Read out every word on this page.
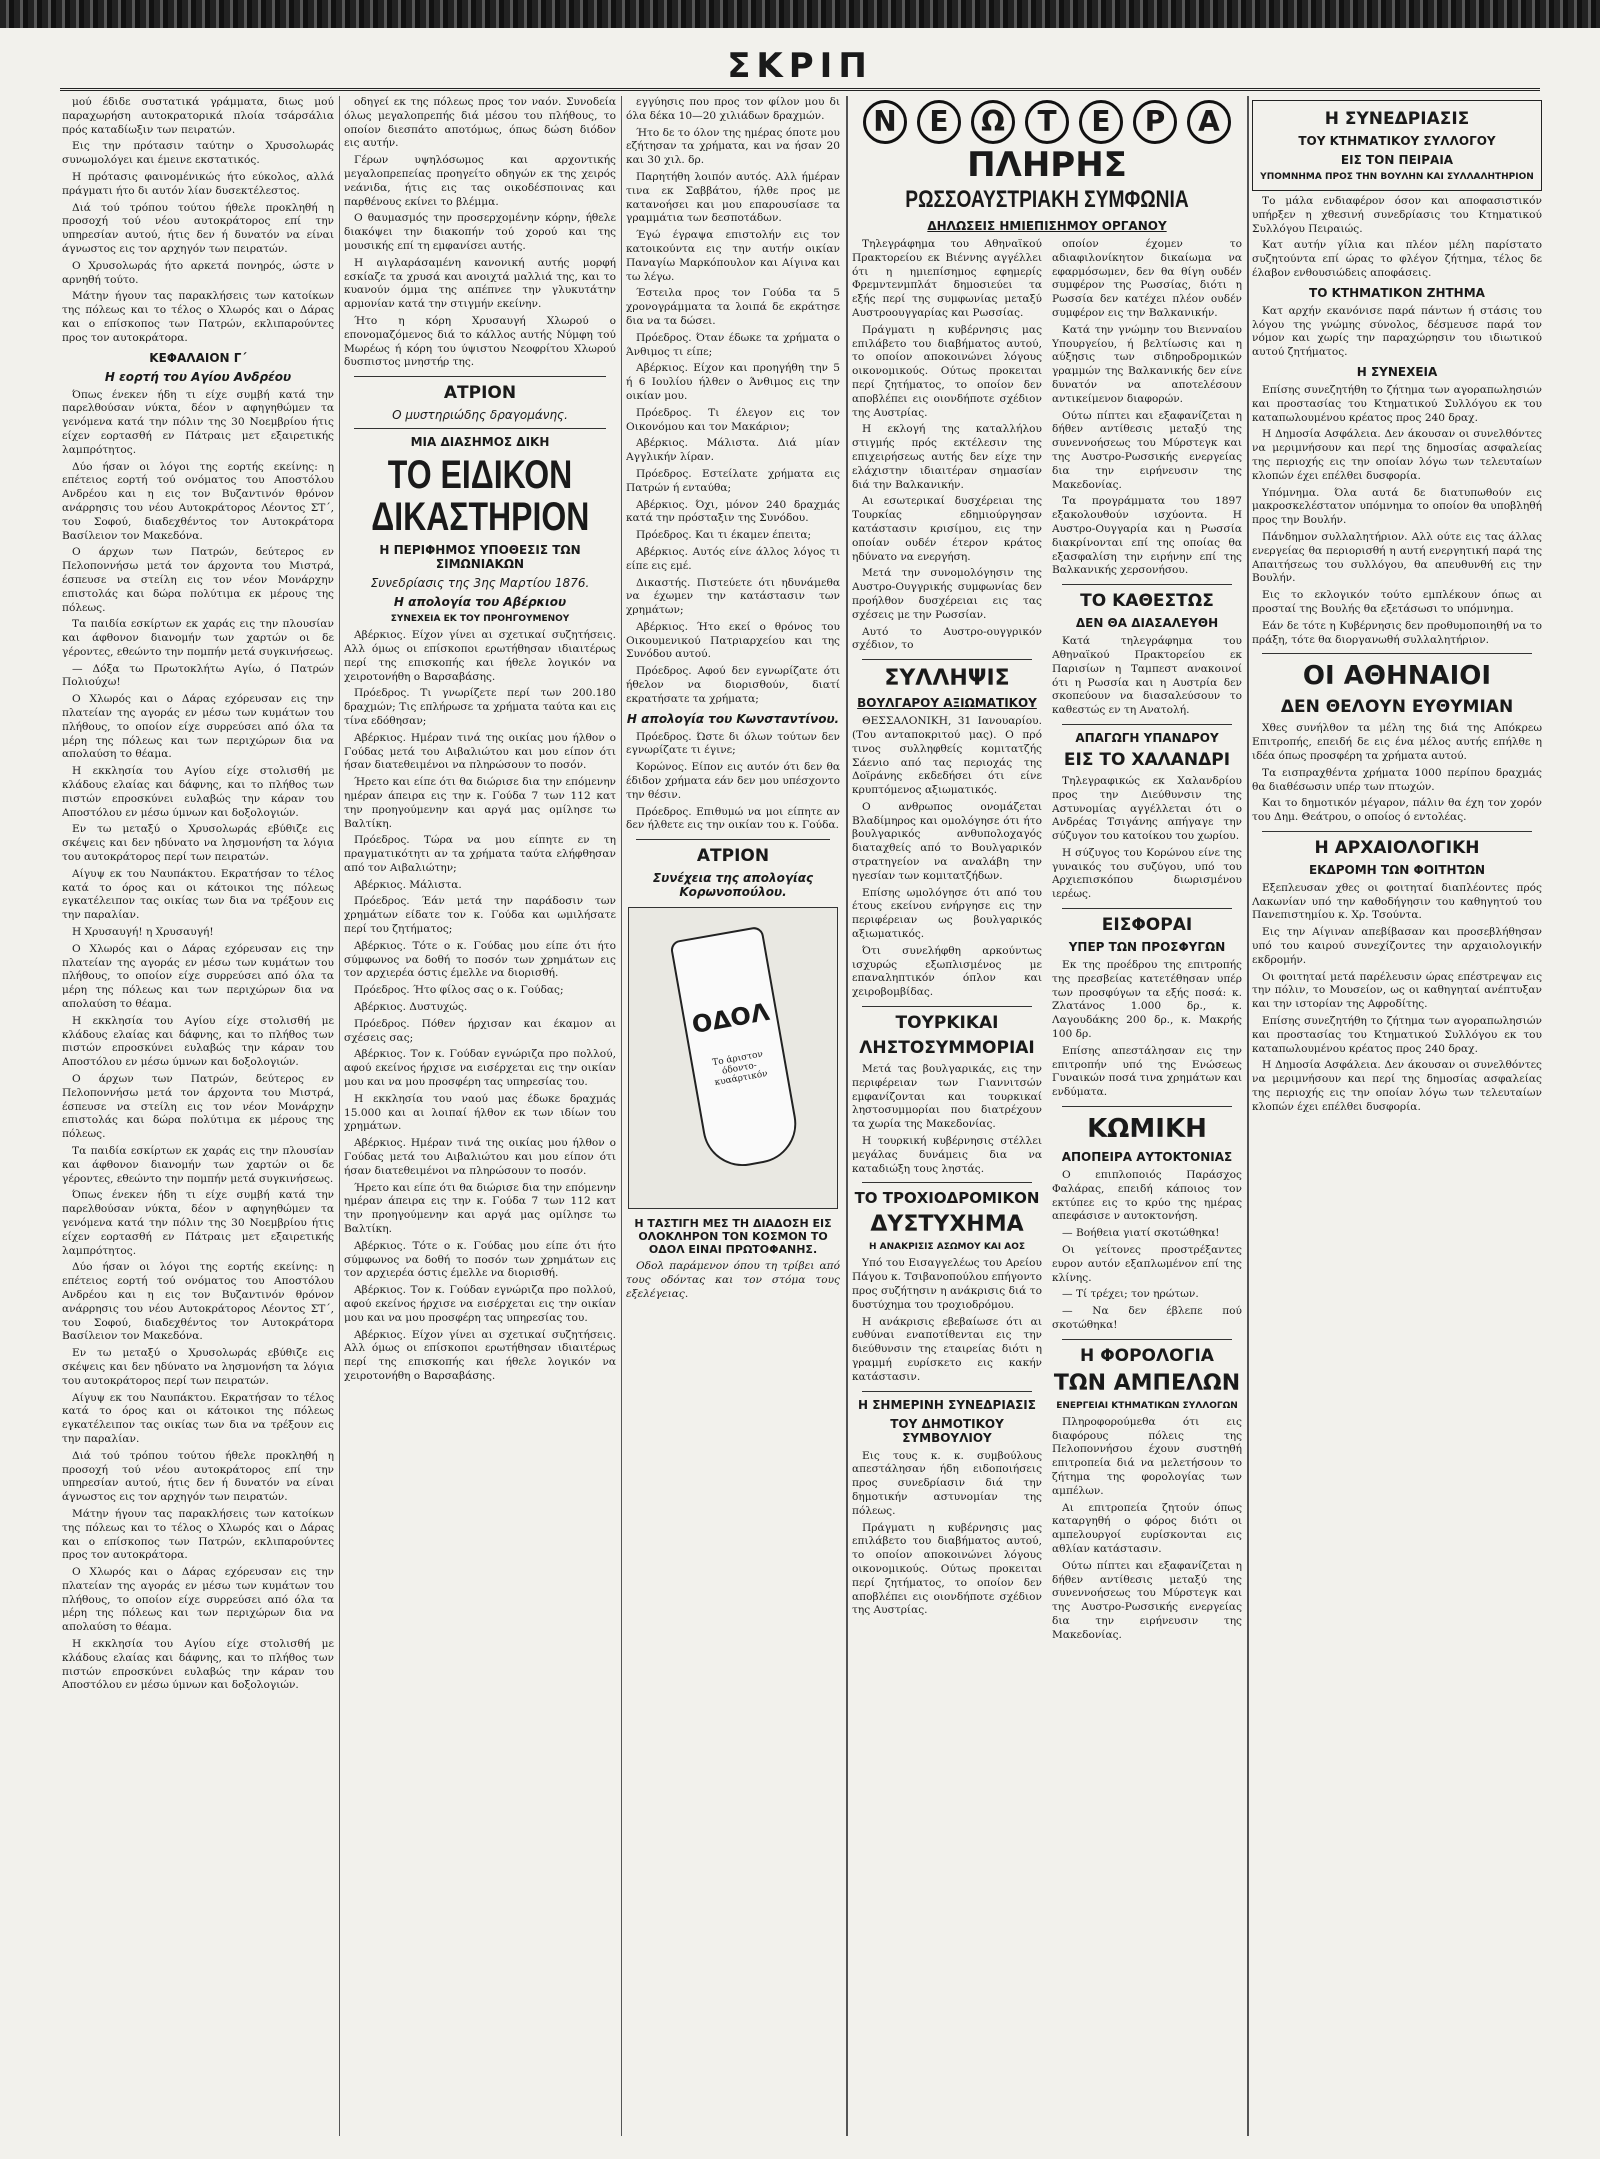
ΣΚΡΙΠ

μού έδιδε συστατικά γράμματα, διως μού παραχωρήση αυτοκρατορικά πλοία τσάρσάλια πρός καταδίωξιν των πειρατών.

Εις την πρότασιν ταύτην ο Χρυσολωράς συνωμολόγει και έμεινε εκστατικός.

Η πρότασις φαινομένικώς ήτο εύκολος, αλλά πράγματι ήτο δι αυτόν λίαν δυσεκτέλεστος.

Διά τού τρόπου τούτου ήθελε προκληθή η προσοχή τού νέου αυτοκράτορος επί την υπηρεσίαν αυτού, ήτις δεν ή δυνατόν να είναι άγνωστος εις τον αρχηγόν των πειρατών.

Ο Χρυσολωράς ήτο αρκετά πονηρός, ώστε ν αρνηθή τούτο.

Μάτην ήγουν τας παρακλήσεις των κατοίκων της πόλεως και το τέλος ο Χλωρός και ο Δάρας και ο επίσκοπος των Πατρών, εκλιπαρούντες προς τον αυτοκράτορα.

ΚΕΦΑΛΑΙΟΝ Γ΄
Η εορτή του Αγίου Ανδρέου

Όπως ένεκεν ήδη τι είχε συμβή κατά την παρελθούσαν νύκτα, δέον ν αφηγηθώμεν τα γενόμενα κατά την πόλιν της 30 Νοεμβρίου ήτις είχεν εορτασθή εν Πάτραις μετ εξαιρετικής λαμπρότητος.

Δύο ήσαν οι λόγοι της εορτής εκείνης: η επέτειος εορτή τού ονόματος του Αποστόλου Ανδρέου και η εις τον Βυζαντινόν θρόνον ανάρρησις του νέου Αυτοκράτορος Λέοντος ΣΤ΄, του Σοφού, διαδεχθέντος τον Αυτοκράτορα Βασίλειον τον Μακεδόνα.

Ο άρχων των Πατρών, δεύτερος εν Πελοποννήσω μετά τον άρχοντα του Μιστρά, έσπευσε να στείλη εις τον νέον Μονάρχην επιστολάς και δώρα πολύτιμα εκ μέρους της πόλεως.

Τα παιδία εσκίρτων εκ χαράς εις την πλουσίαν και άφθονον διανομήν των χαρτών οι δε γέροντες, εθεώντο την πομπήν μετά συγκινήσεως.

— Δόξα τω Πρωτοκλήτω Αγίω, ό Πατρών Πολιούχω!

Ο Χλωρός και ο Δάρας εχόρευσαν εις την πλατείαν της αγοράς εν μέσω των κυμάτων του πλήθους, το οποίον είχε συρρεύσει από όλα τα μέρη της πόλεως και των περιχώρων δια να απολαύση το θέαμα.

Η εκκλησία του Αγίου είχε στολισθή με κλάδους ελαίας και δάφνης, και το πλήθος των πιστών επροσκύνει ευλαβώς την κάραν του Αποστόλου εν μέσω ύμνων και δοξολογιών.

Εν τω μεταξύ ο Χρυσολωράς εβύθιζε εις σκέψεις και δεν ηδύνατο να λησμονήση τα λόγια του αυτοκράτορος περί των πειρατών.

Αίγυψ εκ του Ναυπάκτου. Εκρατήσαν το τέλος κατά το όρος και οι κάτοικοι της πόλεως εγκατέλειπον τας οικίας των δια να τρέξουν εις την παραλίαν.

Η Χρυσαυγή! η Χρυσαυγή!

Ο Χλωρός και ο Δάρας εχόρευσαν εις την πλατείαν της αγοράς εν μέσω των κυμάτων του πλήθους, το οποίον είχε συρρεύσει από όλα τα μέρη της πόλεως και των περιχώρων δια να απολαύση το θέαμα.

Η εκκλησία του Αγίου είχε στολισθή με κλάδους ελαίας και δάφνης, και το πλήθος των πιστών επροσκύνει ευλαβώς την κάραν του Αποστόλου εν μέσω ύμνων και δοξολογιών.

Ο άρχων των Πατρών, δεύτερος εν Πελοποννήσω μετά τον άρχοντα του Μιστρά, έσπευσε να στείλη εις τον νέον Μονάρχην επιστολάς και δώρα πολύτιμα εκ μέρους της πόλεως.

Τα παιδία εσκίρτων εκ χαράς εις την πλουσίαν και άφθονον διανομήν των χαρτών οι δε γέροντες, εθεώντο την πομπήν μετά συγκινήσεως.

Όπως ένεκεν ήδη τι είχε συμβή κατά την παρελθούσαν νύκτα, δέον ν αφηγηθώμεν τα γενόμενα κατά την πόλιν της 30 Νοεμβρίου ήτις είχεν εορτασθή εν Πάτραις μετ εξαιρετικής λαμπρότητος.

Δύο ήσαν οι λόγοι της εορτής εκείνης: η επέτειος εορτή τού ονόματος του Αποστόλου Ανδρέου και η εις τον Βυζαντινόν θρόνον ανάρρησις του νέου Αυτοκράτορος Λέοντος ΣΤ΄, του Σοφού, διαδεχθέντος τον Αυτοκράτορα Βασίλειον τον Μακεδόνα.

Εν τω μεταξύ ο Χρυσολωράς εβύθιζε εις σκέψεις και δεν ηδύνατο να λησμονήση τα λόγια του αυτοκράτορος περί των πειρατών.

Αίγυψ εκ του Ναυπάκτου. Εκρατήσαν το τέλος κατά το όρος και οι κάτοικοι της πόλεως εγκατέλειπον τας οικίας των δια να τρέξουν εις την παραλίαν.

Διά τού τρόπου τούτου ήθελε προκληθή η προσοχή τού νέου αυτοκράτορος επί την υπηρεσίαν αυτού, ήτις δεν ή δυνατόν να είναι άγνωστος εις τον αρχηγόν των πειρατών.

Μάτην ήγουν τας παρακλήσεις των κατοίκων της πόλεως και το τέλος ο Χλωρός και ο Δάρας και ο επίσκοπος των Πατρών, εκλιπαρούντες προς τον αυτοκράτορα.

Ο Χλωρός και ο Δάρας εχόρευσαν εις την πλατείαν της αγοράς εν μέσω των κυμάτων του πλήθους, το οποίον είχε συρρεύσει από όλα τα μέρη της πόλεως και των περιχώρων δια να απολαύση το θέαμα.

Η εκκλησία του Αγίου είχε στολισθή με κλάδους ελαίας και δάφνης, και το πλήθος των πιστών επροσκύνει ευλαβώς την κάραν του Αποστόλου εν μέσω ύμνων και δοξολογιών.

οδηγεί εκ της πόλεως προς τον ναόν. Συνοδεία όλως μεγαλοπρεπής διά μέσου του πλήθους, το οποίον διεσπάτο αποτόμως, όπως δώση διόδον εις αυτήν.

Γέρων υψηλόσωμος και αρχοντικής μεγαλοπρεπείας προηγείτο οδηγών εκ της χειρός νεάνιδα, ήτις εις τας οικοδέσποινας και παρθένους εκίνει το βλέμμα.

Ο θαυμασμός την προσερχομένην κόρην, ήθελε διακόψει την διακοπήν τού χορού και της μουσικής επί τη εμφανίσει αυτής.

Η αιγλαράσαμένη κανονική αυτής μορφή εσκίαζε τα χρυσά και ανοιχτά μαλλιά της, και το κυανούν όμμα της απέπνεε την γλυκυτάτην αρμονίαν κατά την στιγμήν εκείνην.

Ήτο η κόρη Χρυσαυγή Χλωρού ο επονομαζόμενος διά το κάλλος αυτής Νύμφη τού Μωρέως ή κόρη του ύψιστου Νεοφρίτου Χλωρού δυσπιστος μνηστήρ της.

ΑΤΡΙΟΝ
Ο μυστηριώδης δραγομάνης.
ΜΙΑ ΔΙΑΣΗΜΟΣ ΔΙΚΗ
ΤΟ ΕΙΔΙΚΟΝ ΔΙΚΑΣΤΗΡΙΟΝ
Η ΠΕΡΙΦΗΜΟΣ ΥΠΟΘΕΣΙΣ ΤΩΝ ΣΙΜΩΝΙΑΚΩΝ
Συνεδρίασις της 3ης Μαρτίου 1876.
Η απολογία του Αβέρκιου
ΣΥΝΕΧΕΙΑ ΕΚ ΤΟΥ ΠΡΟΗΓΟΥΜΕΝΟΥ

Αβέρκιος. Είχον γίνει αι σχετικαί συζητήσεις. Αλλ όμως οι επίσκοποι ερωτήθησαν ιδιαιτέρως περί της επισκοπής και ήθελε λογικόν να χειροτονήθη ο Βαρσαβάσης.

Πρόεδρος. Τι γνωρίζετε περί των 200.180 δραχμών; Τις επλήρωσε τα χρήματα ταύτα και εις τίνα εδόθησαν;

Αβέρκιος. Ημέραν τινά της οικίας μου ήλθον ο Γούδας μετά του Αιβαλιώτου και μου είπον ότι ήσαν διατεθειμένοι να πληρώσουν το ποσόν.

Ήρετο και είπε ότι θα διώρισε δια την επόμενην ημέραν άπειρα εις την κ. Γούδα 7 των 112 κατ την προηγούμενην και αργά μας ομίλησε τω Βαλτίκη.

Πρόεδρος. Τώρα να μου είπητε εν τη πραγματικότητι αν τα χρήματα ταύτα ελήφθησαν από τον Αιβαλιώτην;

Αβέρκιος. Μάλιστα.

Πρόεδρος. Έάν μετά την παράδοσιν των χρημάτων είδατε τον κ. Γούδα και ωμιλήσατε περί του ζητήματος;

Αβέρκιος. Τότε ο κ. Γούδας μου είπε ότι ήτο σύμφωνος να δοθή το ποσόν των χρημάτων εις τον αρχιερέα όστις έμελλε να διορισθή.

Πρόεδρος. Ήτο φίλος σας ο κ. Γούδας;

Αβέρκιος. Δυστυχώς.

Πρόεδρος. Πόθεν ήρχισαν και έκαμον αι σχέσεις σας;

Αβέρκιος. Τον κ. Γούδαν εγνώριζα προ πολλού, αφού εκείνος ήρχισε να εισέρχεται εις την οικίαν μου και να μου προσφέρη τας υπηρεσίας του.

Η εκκλησία του ναού μας έδωκε δραχμάς 15.000 και αι λοιπαί ήλθον εκ των ιδίων του χρημάτων.

Αβέρκιος. Ημέραν τινά της οικίας μου ήλθον ο Γούδας μετά του Αιβαλιώτου και μου είπον ότι ήσαν διατεθειμένοι να πληρώσουν το ποσόν.

Ήρετο και είπε ότι θα διώρισε δια την επόμενην ημέραν άπειρα εις την κ. Γούδα 7 των 112 κατ την προηγούμενην και αργά μας ομίλησε τω Βαλτίκη.

Αβέρκιος. Τότε ο κ. Γούδας μου είπε ότι ήτο σύμφωνος να δοθή το ποσόν των χρημάτων εις τον αρχιερέα όστις έμελλε να διορισθή.

Αβέρκιος. Τον κ. Γούδαν εγνώριζα προ πολλού, αφού εκείνος ήρχισε να εισέρχεται εις την οικίαν μου και να μου προσφέρη τας υπηρεσίας του.

Αβέρκιος. Είχον γίνει αι σχετικαί συζητήσεις. Αλλ όμως οι επίσκοποι ερωτήθησαν ιδιαιτέρως περί της επισκοπής και ήθελε λογικόν να χειροτονήθη ο Βαρσαβάσης.

εγγύησις που προς τον φίλον μου δι όλα δέκα 10—20 χιλιάδων δραχμών.

Ήτο δε το όλον της ημέρας όποτε μου εζήτησαν τα χρήματα, και να ήσαν 20 και 30 χιλ. δρ.

Παρητήθη λοιπόν αυτός. Αλλ ήμέραν τινα εκ Σαββάτου, ήλθε προς με κατανοήσει και μου επαρουσίασε τα γραμμάτια των δεσποτάδων.

Έγώ έγραψα επιστολήν εις τον κατοικούντα εις την αυτήν οικίαν Παναγίω Μαρκόπουλον και Αίγινα και τω λέγω.

Έστειλα προς τον Γούδα τα 5 χρονογράμματα τα λοιπά δε εκράτησε δια να τα δώσει.

Πρόεδρος. Όταν έδωκε τα χρήματα ο Άνθιμος τι είπε;

Αβέρκιος. Είχον και προηγήθη την 5 ή 6 Ιουλίου ήλθεν ο Άνθιμος εις την οικίαν μου.

Πρόεδρος. Τι έλεγον εις τον Οικονόμου και τον Μακάριον;

Αβέρκιος. Μάλιστα. Διά μίαν Αγγλικήν λίραν.

Πρόεδρος. Εστείλατε χρήματα εις Πατρών ή ενταύθα;

Αβέρκιος. Όχι, μόνον 240 δραχμάς κατά την πρόσταξιν της Συνόδου.

Πρόεδρος. Και τι έκαμεν έπειτα;

Αβέρκιος. Αυτός είνε άλλος λόγος τι είπε εις εμέ.

Δικαστής. Πιστεύετε ότι ηδυνάμεθα να έχωμεν την κατάστασιν των χρημάτων;

Αβέρκιος. Ήτο εκεί ο θρόνος του Οικουμενικού Πατριαρχείου και της Συνόδου αυτού.

Πρόεδρος. Αφού δεν εγνωρίζατε ότι ήθελον να διορισθούν, διατί εκρατήσατε τα χρήματα;

Η απολογία του Κωνσταντίνου.

Πρόεδρος. Ώστε δι όλων τούτων δεν εγνωρίζατε τι έγινε;

Κορώνος. Είπον εις αυτόν ότι δεν θα έδιδον χρήματα εάν δεν μου υπέσχοντο την θέσιν.

Πρόεδρος. Επιθυμώ να μοι είπητε αν δεν ήλθετε εις την οικίαν του κ. Γούδα.

ΑΤΡΙΟΝ
Συνέχεια της απολογίας Κορωνοπούλου.
ΟΔΟΛ
Το άριστον όδοντο-κυαάρτικόν
Η ΤΑΣΤΙΓΗ ΜΕΣ ΤΗ ΔΙΑΔΟΣΗ ΕΙΣ ΟΛΟΚΛΗΡΟΝ ΤΟΝ ΚΟΣΜΟΝ ΤΟ ΟΔΟΛ ΕΙΝΑΙ ΠΡΩΤΟΦΑΝΗΣ.

Οδολ παράμενον όπου τη τρίβει από τους οδόντας και τον στόμα τους εξελέγειας.

Ν	Ε	Ω	Τ	Ε	Ρ	Α
ΠΛΗΡΗΣ
ΡΩΣΣΟΑΥΣΤΡΙΑΚΗ ΣΥΜΦΩΝΙΑ
ΔΗΛΩΣΕΙΣ ΗΜΙΕΠΙΣΗΜΟΥ ΟΡΓΑΝΟΥ

Τηλεγράφημα του Αθηναϊκού Πρακτορείου εκ Βιέννης αγγέλλει ότι η ημιεπίσημος εφημερίς Φρεμντενμπλάτ δημοσιεύει τα εξής περί της συμφωνίας μεταξύ Αυστροουγγαρίας και Ρωσσίας.

Πράγματι η κυβέρνησις μας επιλάβετο του διαβήματος αυτού, το οποίον αποκοινώνει λόγους οικονομικούς. Ούτως προκειται περί ζητήματος, το οποίον δεν αποβλέπει εις οιονδήποτε σχέδιον της Αυστρίας.

Η εκλογή της καταλλήλου στιγμής πρός εκτέλεσιν της επιχειρήσεως αυτής δεν είχε την ελάχιστην ιδιαιτέραν σημασίαν διά την Βαλκανικήν.

Αι εσωτερικαί δυσχέρειαι της Τουρκίας εδημιούργησαν κατάστασιν κρισίμου, εις την οποίαν ουδέν έτερον κράτος ηδύνατο να ενεργήση.

Μετά την συνομολόγησιν της Αυστρο-Ουγγρικής συμφωνίας δεν προήλθον δυσχέρειαι εις τας σχέσεις με την Ρωσσίαν.

Αυτό το Αυστρο-ουγγρικόν σχέδιον, το

ΣΥΛΛΗΨΙΣ
ΒΟΥΛΓΑΡΟΥ ΑΞΙΩΜΑΤΙΚΟΥ

ΘΕΣΣΑΛΟΝΙΚΗ, 31 Ιανουαρίου. (Του ανταποκριτού μας). Ο πρό τινος συλληφθείς κομιτατζής Σάενιο από τας περιοχάς της Δοϊράνης εκδεδήσει ότι είνε κρυπτόμενος αξιωματικός.

Ο ανθρωπος ονομάζεται Βλαδίμηρος και ομολόγησε ότι ήτο βουλγαρικός ανθυπολοχαγός διαταχθείς από το Βουλγαρικόν στρατηγείον να αναλάβη την ηγεσίαν των κομιτατζήδων.

Επίσης ωμολόγησε ότι από του έτους εκείνου ενήργησε εις την περιφέρειαν ως βουλγαρικός αξιωματικός.

Ότι συνελήφθη αρκούντως ισχυρώς εξωπλισμένος με επαναληπτικόν όπλον και χειροβομβίδας.

ΤΟΥΡΚΙΚΑΙ
ΛΗΣΤΟΣΥΜΜΟΡΙΑΙ

Μετά τας βουλγαρικάς, εις την περιφέρειαν των Γιαννιτσών εμφανίζονται και τουρκικαί ληστοσυμμορίαι που διατρέχουν τα χωρία της Μακεδονίας.

Η τουρκική κυβέρνησις στέλλει μεγάλας δυνάμεις δια να καταδιώξη τους ληστάς.

ΤΟ ΤΡΟΧΙΟΔΡΟΜΙΚΟΝ
ΔΥΣΤΥΧΗΜΑ
Η ΑΝΑΚΡΙΣΙΣ ΑΣΩΜΟΥ ΚΑΙ ΑΟΣ

Υπό του Εισαγγελέως του Αρείου Πάγου κ. Τσιβανοπούλου επήγοντο προς συζήτησιν η ανάκρισις διά το δυστύχημα του τροχιοδρόμου.

Η ανάκρισις εβεβαίωσε ότι αι ευθύναι εναποτίθενται εις την διεύθυνσιν της εταιρείας διότι η γραμμή ευρίσκετο εις κακήν κατάστασιν.

Η ΣΗΜΕΡΙΝΗ ΣΥΝΕΔΡΙΑΣΙΣ
ΤΟΥ ΔΗΜΟΤΙΚΟΥ ΣΥΜΒΟΥΛΙΟΥ

Εις τους κ. κ. συμβούλους απεστάλησαν ήδη ειδοποιήσεις προς συνεδρίασιν διά την δημοτικήν αστυνομίαν της πόλεως.

Πράγματι η κυβέρνησις μας επιλάβετο του διαβήματος αυτού, το οποίον αποκοινώνει λόγους οικονομικούς. Ούτως προκειται περί ζητήματος, το οποίον δεν αποβλέπει εις οιονδήποτε σχέδιον της Αυστρίας.

οποίον έχομεν το αδιαφιλονίκητον δικαίωμα να εφαρμόσωμεν, δεν θα θίγη ουδέν συμφέρον της Ρωσσίας, διότι η Ρωσσία δεν κατέχει πλέον ουδέν συμφέρον εις την Βαλκανικήν.

Κατά την γνώμην του Βιενναίου Υπουργείου, ή βελτίωσις και η αύξησις των σιδηροδρομικών γραμμών της Βαλκανικής δεν είνε δυνατόν να αποτελέσουν αντικείμενον διαφορών.

Ούτω πίπτει και εξαφανίζεται η δήθεν αντίθεσις μεταξύ της συνεννοήσεως του Μύρστεγκ και της Αυστρο-Ρωσσικής ενεργείας δια την ειρήνευσιν της Μακεδονίας.

Τα προγράμματα του 1897 εξακολουθούν ισχύοντα. Η Αυστρο-Ουγγαρία και η Ρωσσία διακρίνονται επί της οποίας θα εξασφαλίση την ειρήνην επί της Βαλκανικής χερσονήσου.

ΤΟ ΚΑΘΕΣΤΩΣ
ΔΕΝ ΘΑ ΔΙΑΣΑΛΕΥΘΗ

Κατά τηλεγράφημα του Αθηναϊκού Πρακτορείου εκ Παρισίων η Ταμπεστ ανακοινοί ότι η Ρωσσία και η Αυστρία δεν σκοπεύουν να διασαλεύσουν το καθεστώς εν τη Ανατολή.

ΑΠΑΓΩΓΗ ΥΠΑΝΔΡΟΥ
ΕΙΣ ΤΟ ΧΑΛΑΝΔΡΙ

Τηλεγραφικώς εκ Χαλανδρίου προς την Διεύθυνσιν της Αστυνομίας αγγέλλεται ότι ο Ανδρέας Τσιγάνης απήγαγε την σύζυγον του κατοίκου του χωρίου.

Η σύζυγος του Κορώνου είνε της γυναικός του συζύγου, υπό του Αρχιεπισκόπου διωρισμένου ιερέως.

ΕΙΣΦΟΡΑΙ
ΥΠΕΡ ΤΩΝ ΠΡΟΣΦΥΓΩΝ

Εκ της προέδρου της επιτροπής της πρεσβείας κατετέθησαν υπέρ των προσφύγων τα εξής ποσά: κ. Ζλατάνος 1.000 δρ., κ. Λαγουδάκης 200 δρ., κ. Μακρής 100 δρ.

Επίσης απεστάλησαν εις την επιτροπήν υπό της Ενώσεως Γυναικών ποσά τινα χρημάτων και ενδύματα.

ΚΩΜΙΚΗ
ΑΠΟΠΕΙΡΑ ΑΥΤΟΚΤΟΝΙΑΣ

Ο επιπλοποιός Παράσχος Φαλάρας, επειδή κάποιος τον εκτύπεε εις το κρύο της ημέρας απεφάσισε ν αυτοκτονήση.

— Βοήθεια γιατί σκοτώθηκα!

Οι γείτονες προστρέξαντες ευρον αυτόν εξαπλωμένον επί της κλίνης.

— Τί τρέχει; τον ηρώτων.

— Να δεν έβλεπε πού σκοτώθηκα!

Η ΦΟΡΟΛΟΓΙΑ
ΤΩΝ ΑΜΠΕΛΩΝ
ΕΝΕΡΓΕΙΑΙ ΚΤΗΜΑΤΙΚΩΝ ΣΥΛΛΟΓΩΝ

Πληροφορούμεθα ότι εις διαφόρους πόλεις της Πελοποννήσου έχουν συστηθή επιτροπεία διά να μελετήσουν το ζήτημα της φορολογίας των αμπέλων.

Αι επιτροπεία ζητούν όπως καταργηθή ο φόρος διότι οι αμπελουργοί ευρίσκονται εις αθλίαν κατάστασιν.

Ούτω πίπτει και εξαφανίζεται η δήθεν αντίθεσις μεταξύ της συνεννοήσεως του Μύρστεγκ και της Αυστρο-Ρωσσικής ενεργείας δια την ειρήνευσιν της Μακεδονίας.

Η ΣΥΝΕΔΡΙΑΣΙΣ
ΤΟΥ ΚΤΗΜΑΤΙΚΟΥ ΣΥΛΛΟΓΟΥ
ΕΙΣ ΤΟΝ ΠΕΙΡΑΙΑ
ΥΠΟΜΝΗΜΑ ΠΡΟΣ ΤΗΝ ΒΟΥΛΗΝ ΚΑΙ ΣΥΛΛΑΛΗΤΗΡΙΟΝ

Το μάλα ενδιαφέρον όσον και αποφασιστικόν υπήρξεν η χθεσινή συνεδρίασις του Κτηματικού Συλλόγου Πειραιώς.

Κατ αυτήν γίλια και πλέον μέλη παρίστατο συζητούντα επί ώρας το φλέγον ζήτημα, τέλος δε έλαβον ενθουσιώδεις αποφάσεις.

ΤΟ ΚΤΗΜΑΤΙΚΟΝ ΖΗΤΗΜΑ

Κατ αρχήν εκανόνισε παρά πάντων ή στάσις του λόγου της γνώμης σύνολος, δέσμευσε παρά τον νόμον και χωρίς την παραχώρησιν του ιδιωτικού αυτού ζητήματος.

Η ΣΥΝΕΧΕΙΑ

Επίσης συνεζητήθη το ζήτημα των αγοραπωλησιών και προστασίας του Κτηματικού Συλλόγου εκ του καταπωλουμένου κρέατος προς 240 δραχ.

Η Δημοσία Ασφάλεια. Δεν άκουσαν οι συνελθόντες να μεριμνήσουν και περί της δημοσίας ασφαλείας της περιοχής εις την οποίαν λόγω των τελευταίων κλοπών έχει επέλθει δυσφορία.

Υπόμνημα. Όλα αυτά δε διατυπωθούν εις μακροσκελέστατον υπόμνημα το οποίον θα υποβληθή προς την Βουλήν.

Πάνδημον συλλαλητήριον. Αλλ ούτε εις τας άλλας ενεργείας θα περιορισθή η αυτή ενεργητική παρά της Απαιτήσεως του συλλόγου, θα απευθυνθή εις την Βουλήν.

Εις το εκλογικόν τούτο εμπλέκουν όπως αι προσταί της Βουλής θα εξετάσωσι το υπόμνημα.

Εάν δε τότε η Κυβέρνησις δεν προθυμοποιηθή να το πράξη, τότε θα διοργανωθή συλλαλητήριον.

ΟΙ ΑΘΗΝΑΙΟΙ
ΔΕΝ ΘΕΛΟΥΝ ΕΥΘΥΜΙΑΝ

Χθες συνήλθον τα μέλη της διά της Απόκρεω Επιτροπής, επειδή δε εις ένα μέλος αυτής επήλθε η ιδέα όπως προσφέρη τα χρήματα αυτού.

Τα εισπραχθέντα χρήματα 1000 περίπου δραχμάς θα διαθέσωσιν υπέρ των πτωχών.

Και το δημοτικόν μέγαρον, πάλιν θα έχη τον χορόν του Δημ. Θεάτρου, ο οποίος ό εντολέας.

Η ΑΡΧΑΙΟΛΟΓΙΚΗ
ΕΚΔΡΟΜΗ ΤΩΝ ΦΟΙΤΗΤΩΝ

Εξεπλευσαν χθες οι φοιτηταί διαπλέοντες πρός Λακωνίαν υπό την καθοδήγησιν του καθηγητού του Πανεπιστημίου κ. Χρ. Τσούντα.

Εις την Αίγιναν απεβίβασαν και προσεβλήθησαν υπό του καιρού συνεχίζοντες την αρχαιολογικήν εκδρομήν.

Οι φοιτηταί μετά παρέλευσιν ώρας επέστρεψαν εις την πόλιν, το Μουσείον, ως οι καθηγηταί ανέπτυξαν και την ιστορίαν της Αφροδίτης.

Επίσης συνεζητήθη το ζήτημα των αγοραπωλησιών και προστασίας του Κτηματικού Συλλόγου εκ του καταπωλουμένου κρέατος προς 240 δραχ.

Η Δημοσία Ασφάλεια. Δεν άκουσαν οι συνελθόντες να μεριμνήσουν και περί της δημοσίας ασφαλείας της περιοχής εις την οποίαν λόγω των τελευταίων κλοπών έχει επέλθει δυσφορία.
